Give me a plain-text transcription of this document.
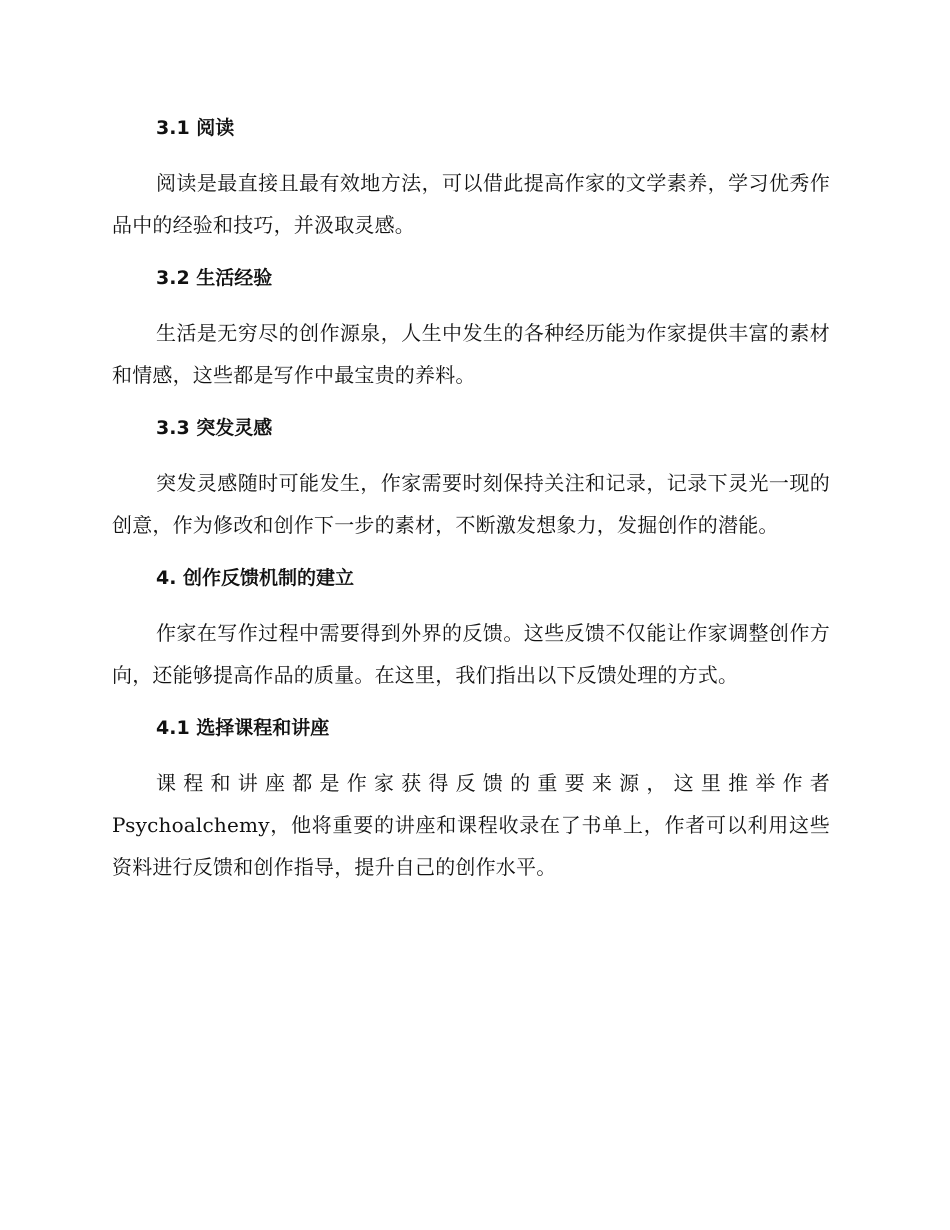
3.1 阅读

阅读是最直接且最有效地方法，可以借此提高作家的文学素养，学习优秀作品中的经验和技巧，并汲取灵感。

3.2 生活经验

生活是无穷尽的创作源泉，人生中发生的各种经历能为作家提供丰富的素材和情感，这些都是写作中最宝贵的养料。

3.3 突发灵感

突发灵感随时可能发生，作家需要时刻保持关注和记录，记录下灵光一现的创意，作为修改和创作下一步的素材，不断激发想象力，发掘创作的潜能。

4. 创作反馈机制的建立

作家在写作过程中需要得到外界的反馈。这些反馈不仅能让作家调整创作方向，还能够提高作品的质量。在这里，我们指出以下反馈处理的方式。

4.1 选择课程和讲座

课程和讲座都是作家获得反馈的重要来源，这里推举作者Psychoalchemy，他将重要的讲座和课程收录在了书单上，作者可以利用这些资料进行反馈和创作指导，提升自己的创作水平。
